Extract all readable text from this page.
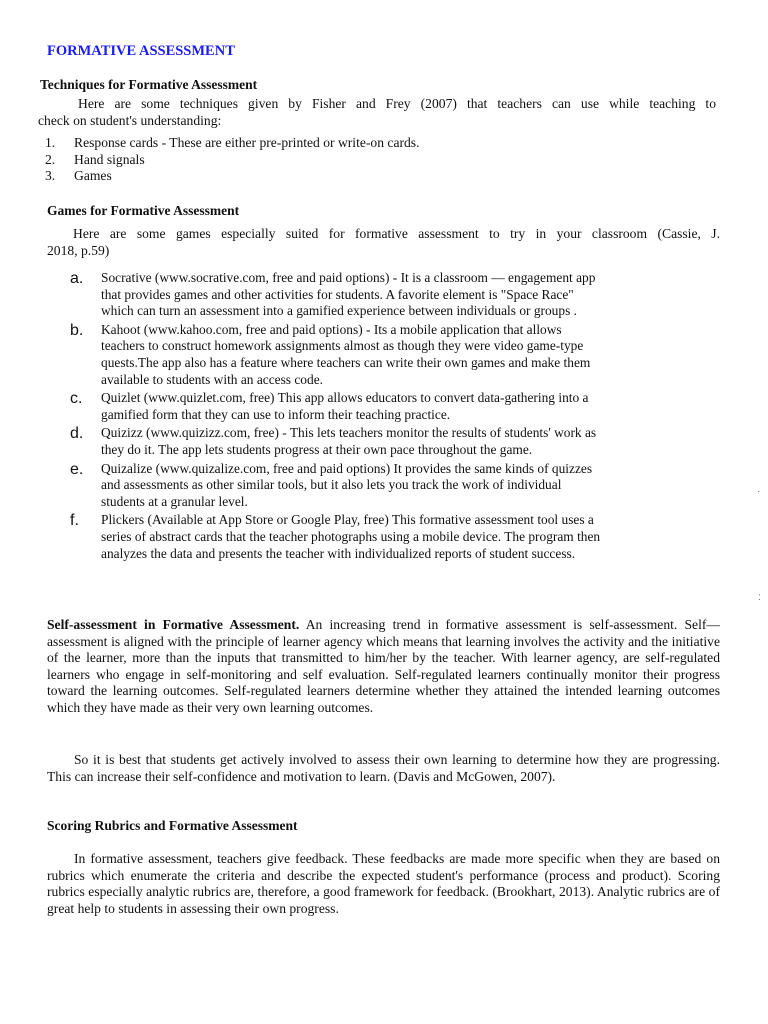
FORMATIVE ASSESSMENT
Techniques for Formative Assessment
Here are some techniques given by Fisher and Frey (2007) that teachers can use while teaching to
check on student's understanding:
1.	Response cards - These are either pre-printed or write-on cards.
2.	Hand signals
3.	Games
Games for Formative Assessment
Here are some games especially suited for formative assessment to try in your classroom (Cassie, J.
2018, p.59)
a.	Socrative (www.socrative.com, free and paid options) - It is a classroom — engagement app
that provides games and other activities for students. A favorite element is "Space Race"
which can turn an assessment into a gamified experience between individuals or groups .
b.	Kahoot (www.kahoo.com, free and paid options) - Its a mobile application that allows
teachers to construct homework assignments almost as though they were video game-type
quests.The app also has a feature where teachers can write their own games and make them
available to students with an access code.
c.	Quizlet (www.quizlet.com, free) This app allows educators to convert data-gathering into a
gamified form that they can use to inform their teaching practice.
d.	Quizizz (www.quizizz.com, free) - This lets teachers monitor the results of students' work as
they do it. The app lets students progress at their own pace throughout the game.
e.	Quizalize (www.quizalize.com, free and paid options) It provides the same kinds of quizzes
and assessments as other similar tools, but it also lets you track the work of individual
students at a granular level.
f.	Plickers (Available at App Store or Google Play, free) This formative assessment tool uses a
series of abstract cards that the teacher photographs using a mobile device. The program then
analyzes the data and presents the teacher with individualized reports of student success.
Self-assessment in Formative Assessment. An increasing trend in formative assessment is self-assessment. Self—assessment is aligned with the principle of learner agency which means that learning involves the activity and the initiative of the learner, more than the inputs that transmitted to him/her by the teacher. With learner agency, are self-regulated learners who engage in self-monitoring and self evaluation. Self-regulated learners continually monitor their progress toward the learning outcomes. Self-regulated learners determine whether they attained the intended learning outcomes which they have made as their very own learning outcomes.
So it is best that students get actively involved to assess their own learning to determine how they are progressing. This can increase their self-confidence and motivation to learn. (Davis and McGowen, 2007).
Scoring Rubrics and Formative Assessment
In formative assessment, teachers give feedback. These feedbacks are made more specific when they are based on rubrics which enumerate the criteria and describe the expected student's performance (process and product). Scoring rubrics especially analytic rubrics are, therefore, a good framework for feedback. (Brookhart, 2013). Analytic rubrics are of great help to students in assessing their own progress.
·
:
